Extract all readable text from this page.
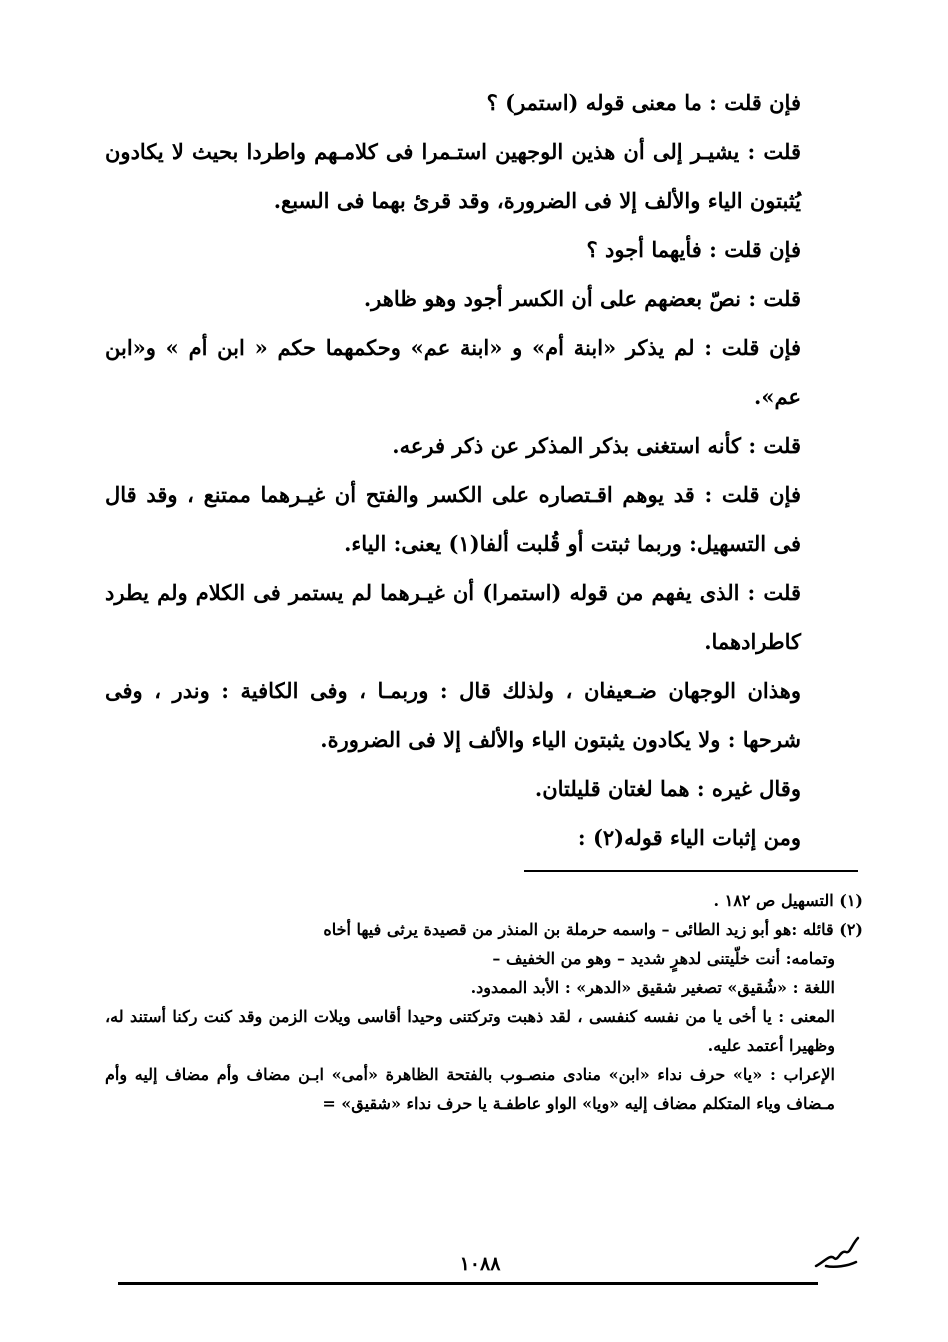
فإن قلت : ما معنى قوله (استمر) ؟

قلت : يشيـر إلى أن هذين الوجهين استـمرا فى كلامـهم واطردا بحيث لا يكادون يُثبتون الياء والألف إلا فى الضرورة، وقد قرئ بهما فى السبع.

فإن قلت : فأيهما أجود ؟

قلت : نصّ بعضهم على أن الكسر أجود وهو ظاهر.

فإن قلت : لم يذكر «ابنة أم» و «ابنة عم» وحكمهما حكم « ابن أم » و«ابن عم».

قلت : كأنه استغنى بذكر المذكر عن ذكر فرعه.

فإن قلت : قد يوهم اقـتصاره على الكسر والفتح أن غيـرهما ممتنع ، وقد قال فى التسهيل: وربما ثبتت أو قُلبت ألفا(١) يعنى: الياء.

قلت : الذى يفهم من قوله (استمرا) أن غيـرهما لم يستمر فى الكلام ولم يطرد كاطرادهما.

وهذان الوجهان ضـعيفان ، ولذلك قال : وربمـا ، وفى الكافية : وندر ، وفى شرحها : ولا يكادون يثبتون الياء والألف إلا فى الضرورة.

وقال غيره : هما لغتان قليلتان.

ومن إثبات الياء قوله(٢) :

(١) التسهيل ص ١٨٢ .

(٢) قائله :هو أبو زيد الطائى – واسمه حرملة بن المنذر من قصيدة يرثى فيها أخاه

وتمامه: أنت خلّيتنى لدهرٍ شديد – وهو من الخفيف –

اللغة : «شُقيق» تصغير شقيق «الدهر» : الأبد الممدود.

المعنى : يا أخى يا من نفسه كنفسى ، لقد ذهبت وتركتنى وحيدا أقاسى ويلات الزمن وقد كنت ركنا أستند له، وظهيرا أعتمد عليه.

الإعراب : «يا» حرف نداء «ابن» منادى منصـوب بالفتحة الظاهرة «أمى» ابـن مضاف وأم مضاف إليه وأم مـضاف وياء المتكلم مضاف إليه «ويا» الواو عاطفـة يا حرف نداء «شقيق» =

١٠٨٨
